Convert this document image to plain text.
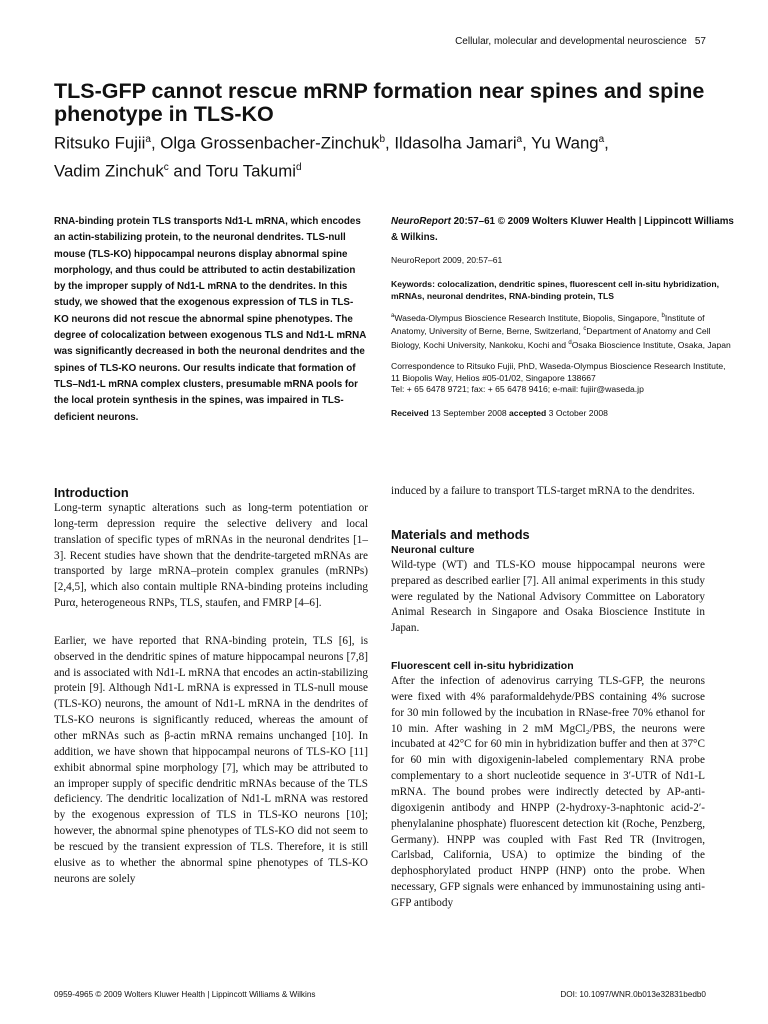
Cellular, molecular and developmental neuroscience 57
TLS-GFP cannot rescue mRNP formation near spines and spine phenotype in TLS-KO
Ritsuko Fujii$^a$, Olga Grossenbacher-Zinchuk$^b$, Ildasolha Jamari$^a$, Yu Wang$^a$,
Vadim Zinchuk$^c$ and Toru Takumi$^d$
RNA-binding protein TLS transports Nd1-L mRNA, which encodes an actin-stabilizing protein, to the neuronal dendrites. TLS-null mouse (TLS-KO) hippocampal neurons display abnormal spine morphology, and thus could be attributed to actin destabilization by the improper supply of Nd1-L mRNA to the dendrites. In this study, we showed that the exogenous expression of TLS in TLS-KO neurons did not rescue the abnormal spine phenotypes. The degree of colocalization between exogenous TLS and Nd1-L mRNA was significantly decreased in both the neuronal dendrites and the spines of TLS-KO neurons. Our results indicate that formation of TLS–Nd1-L mRNA complex clusters, presumable mRNA pools for the local protein synthesis in the spines, was impaired in TLS-deficient neurons.
NeuroReport 20:57–61 © 2009 Wolters Kluwer Health | Lippincott Williams & Wilkins.
NeuroReport 2009, 20:57–61
Keywords: colocalization, dendritic spines, fluorescent cell in-situ hybridization, mRNAs, neuronal dendrites, RNA-binding protein, TLS
$^a$Waseda-Olympus Bioscience Research Institute, Biopolis, Singapore, $^b$Institute of Anatomy, University of Berne, Berne, Switzerland, $^c$Department of Anatomy and Cell Biology, Kochi University, Nankoku, Kochi and $^d$Osaka Bioscience Institute, Osaka, Japan
Correspondence to Ritsuko Fujii, PhD, Waseda-Olympus Bioscience Research Institute, 11 Biopolis Way, Helios #05-01/02, Singapore 138667
Tel: + 65 6478 9721; fax: + 65 6478 9416; e-mail: fujiir@waseda.jp
Received 13 September 2008 accepted 3 October 2008
Introduction

Long-term synaptic alterations such as long-term potentiation or long-term depression require the selective delivery and local translation of specific types of mRNAs in the neuronal dendrites [1–3]. Recent studies have shown that the dendrite-targeted mRNAs are transported by large mRNA–protein complex granules (mRNPs) [2,4,5], which also contain multiple RNA-binding proteins including Purα, heterogeneous RNPs, TLS, staufen, and FMRP [4–6].

Earlier, we have reported that RNA-binding protein, TLS [6], is observed in the dendritic spines of mature hippocampal neurons [7,8] and is associated with Nd1-L mRNA that encodes an actin-stabilizing protein [9]. Although Nd1-L mRNA is expressed in TLS-null mouse (TLS-KO) neurons, the amount of Nd1-L mRNA in the dendrites of TLS-KO neurons is significantly reduced, whereas the amount of other mRNAs such as β-actin mRNA remains unchanged [10]. In addition, we have shown that hippocampal neurons of TLS-KO [11] exhibit abnormal spine morphology [7], which may be attributed to an improper supply of specific dendritic mRNAs because of the TLS deficiency. The dendritic localization of Nd1-L mRNA was restored by the exogenous expression of TLS in TLS-KO neurons [10]; however, the abnormal spine phenotypes of TLS-KO did not seem to be rescued by the transient expression of TLS. Therefore, it is still elusive as to whether the abnormal spine phenotypes of TLS-KO neurons are solely

induced by a failure to transport TLS-target mRNA to the dendrites.

Materials and methods
Neuronal culture

Wild-type (WT) and TLS-KO mouse hippocampal neurons were prepared as described earlier [7]. All animal experiments in this study were regulated by the National Advisory Committee on Laboratory Animal Research in Singapore and Osaka Bioscience Institute in Japan.

Fluorescent cell in-situ hybridization

After the infection of adenovirus carrying TLS-GFP, the neurons were fixed with 4% paraformaldehyde/PBS containing 4% sucrose for 30 min followed by the incubation in RNase-free 70% ethanol for 10 min. After washing in 2 mM MgCl₂/PBS, the neurons were incubated at 42°C for 60 min in hybridization buffer and then at 37°C for 60 min with digoxigenin-labeled complementary RNA probe complementary to a short nucleotide sequence in 3′-UTR of Nd1-L mRNA. The bound probes were indirectly detected by AP-anti-digoxigenin antibody and HNPP (2-hydroxy-3-naphtonic acid-2′-phenylalanine phosphate) fluorescent detection kit (Roche, Penzberg, Germany). HNPP was coupled with Fast Red TR (Invitrogen, Carlsbad, California, USA) to optimize the binding of the dephosphorylated product HNPP (HNP) onto the probe. When necessary, GFP signals were enhanced by immunostaining using anti-GFP antibody

0959-4965 © 2009 Wolters Kluwer Health | Lippincott Williams & Wilkins	DOI: 10.1097/WNR.0b013e32831bedb0
